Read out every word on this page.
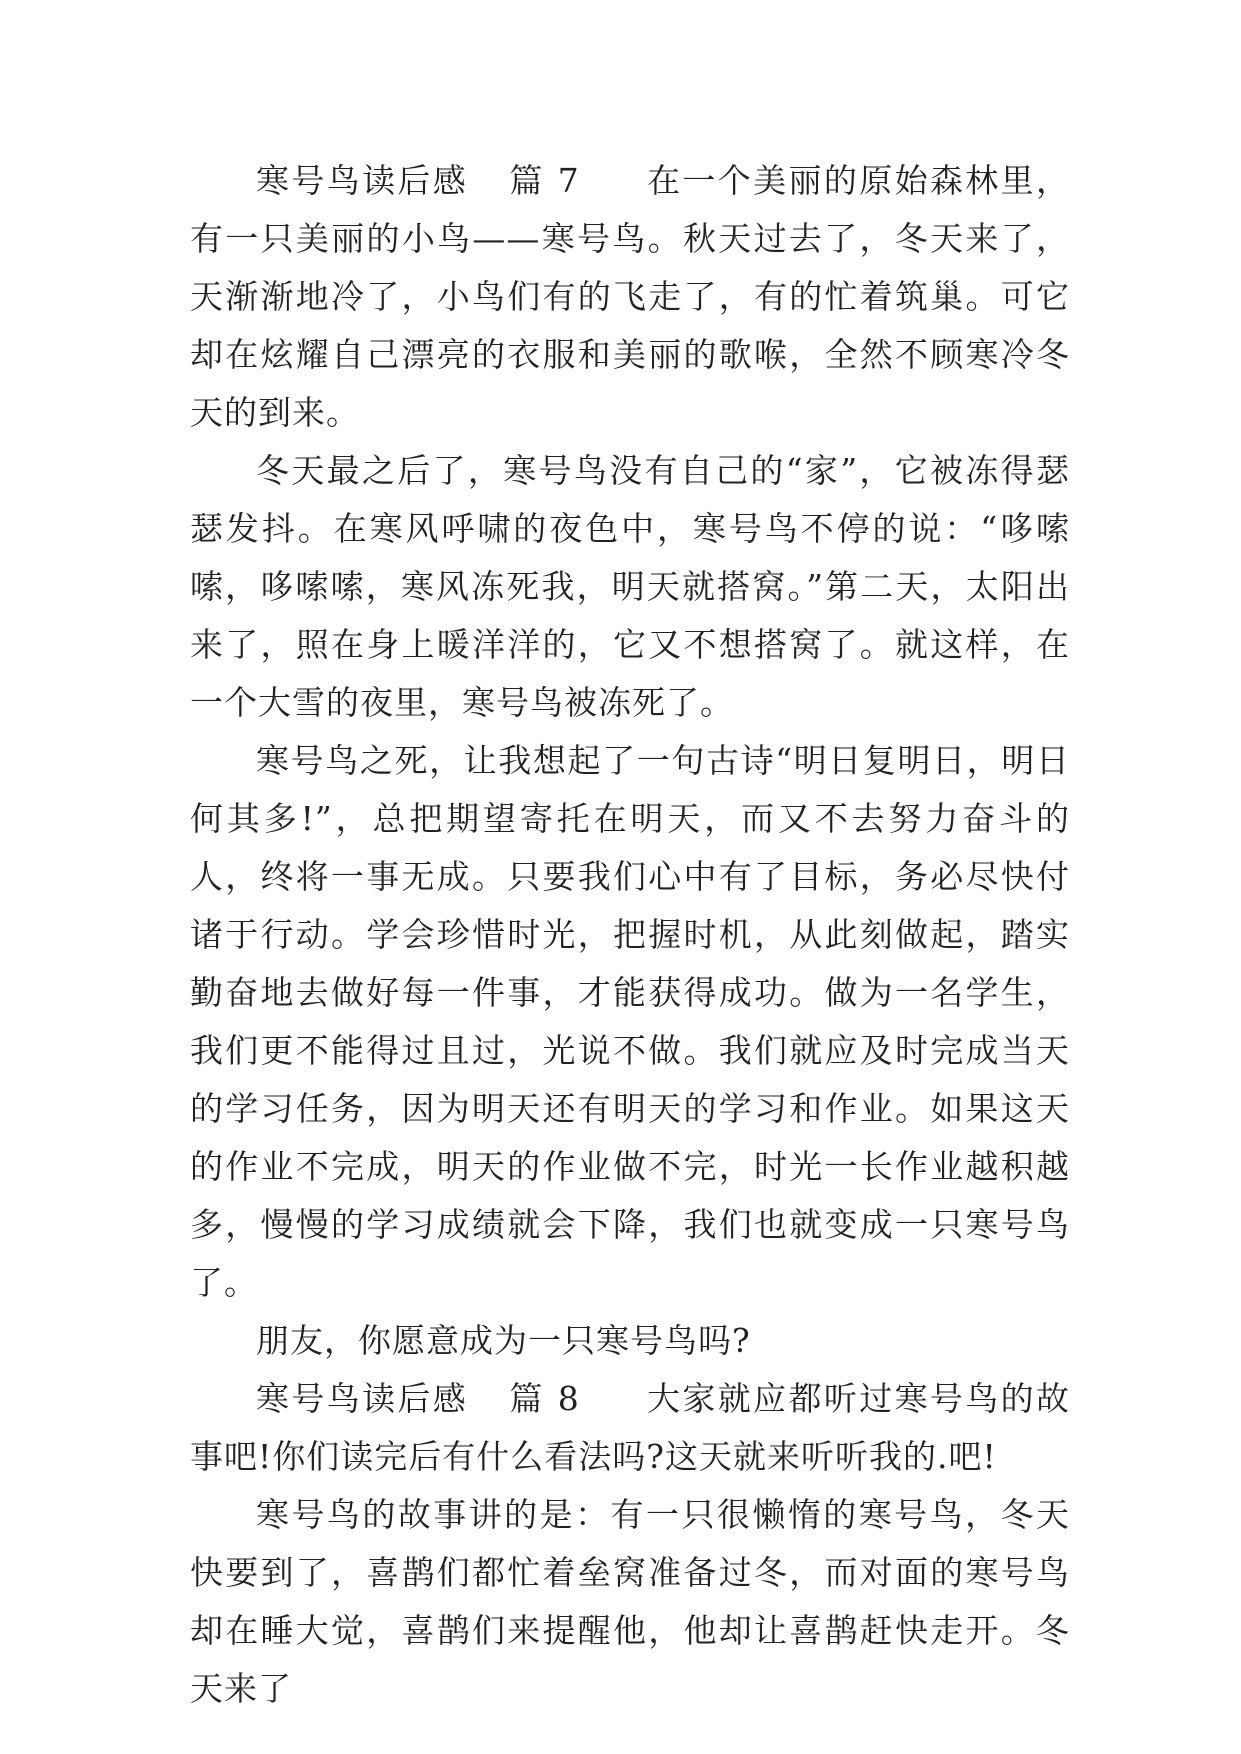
寒号鸟读后感 篇 7 在一个美丽的原始森林里，有一只美丽的小鸟——寒号鸟。秋天过去了，冬天来了，天渐渐地冷了，小鸟们有的飞走了，有的忙着筑巢。可它却在炫耀自己漂亮的衣服和美丽的歌喉，全然不顾寒冷冬天的到来。

冬天最之后了，寒号鸟没有自己的“家”，它被冻得瑟瑟发抖。在寒风呼啸的夜色中，寒号鸟不停的说：“哆嗦嗦，哆嗦嗦，寒风冻死我，明天就搭窝。”第二天，太阳出来了，照在身上暖洋洋的，它又不想搭窝了。就这样，在一个大雪的夜里，寒号鸟被冻死了。

寒号鸟之死，让我想起了一句古诗“明日复明日，明日何其多!”，总把期望寄托在明天，而又不去努力奋斗的人，终将一事无成。只要我们心中有了目标，务必尽快付诸于行动。学会珍惜时光，把握时机，从此刻做起，踏实勤奋地去做好每一件事，才能获得成功。做为一名学生，我们更不能得过且过，光说不做。我们就应及时完成当天的学习任务，因为明天还有明天的学习和作业。如果这天的作业不完成，明天的作业做不完，时光一长作业越积越多，慢慢的学习成绩就会下降，我们也就变成一只寒号鸟了。

朋友，你愿意成为一只寒号鸟吗?

寒号鸟读后感 篇 8 大家就应都听过寒号鸟的故事吧!你们读完后有什么看法吗?这天就来听听我的.吧!

寒号鸟的故事讲的是：有一只很懒惰的寒号鸟，冬天快要到了，喜鹊们都忙着垒窝准备过冬，而对面的寒号鸟却在睡大觉，喜鹊们来提醒他，他却让喜鹊赶快走开。冬天来了
